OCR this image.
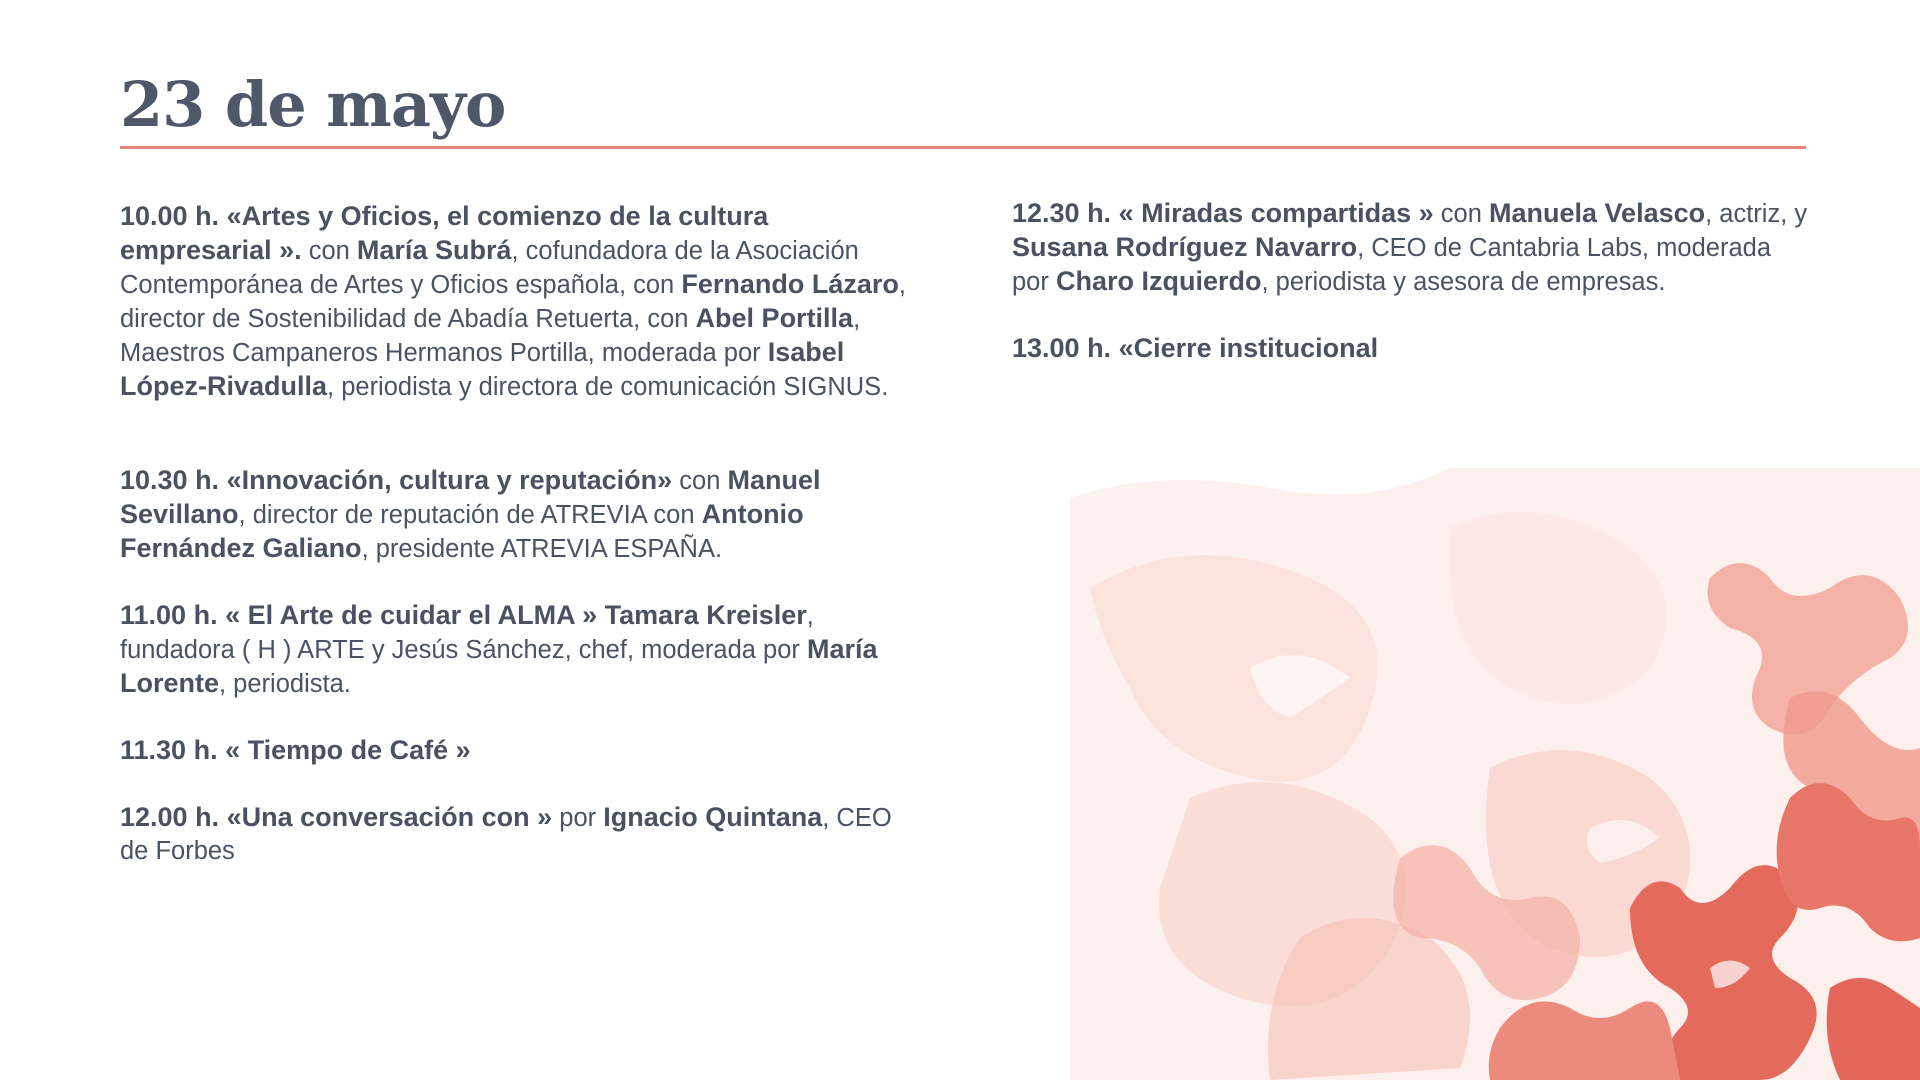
23 de mayo

10.00 h. «Artes y Oficios, el comienzo de la cultura empresarial ». con María Subrá, cofundadora de la Asociación Contemporánea de Artes y Oficios española, con Fernando Lázaro, director de Sostenibilidad de Abadía Retuerta, con Abel Portilla, Maestros Campaneros Hermanos Portilla, moderada por Isabel López-Rivadulla, periodista y directora de comunicación SIGNUS.

10.30 h. «Innovación, cultura y reputación» con Manuel Sevillano, director de reputación de ATREVIA con Antonio Fernández Galiano, presidente ATREVIA ESPAÑA.

11.00 h. « El Arte de cuidar el ALMA » Tamara Kreisler, fundadora ( H ) ARTE y Jesús Sánchez, chef, moderada por María Lorente, periodista.

11.30 h. « Tiempo de Café »

12.00 h. «Una conversación con » por Ignacio Quintana, CEO de Forbes

12.30 h. « Miradas compartidas » con Manuela Velasco, actriz, y Susana Rodríguez Navarro, CEO de Cantabria Labs, moderada por Charo Izquierdo, periodista y asesora de empresas.

13.00 h. «Cierre institucional
